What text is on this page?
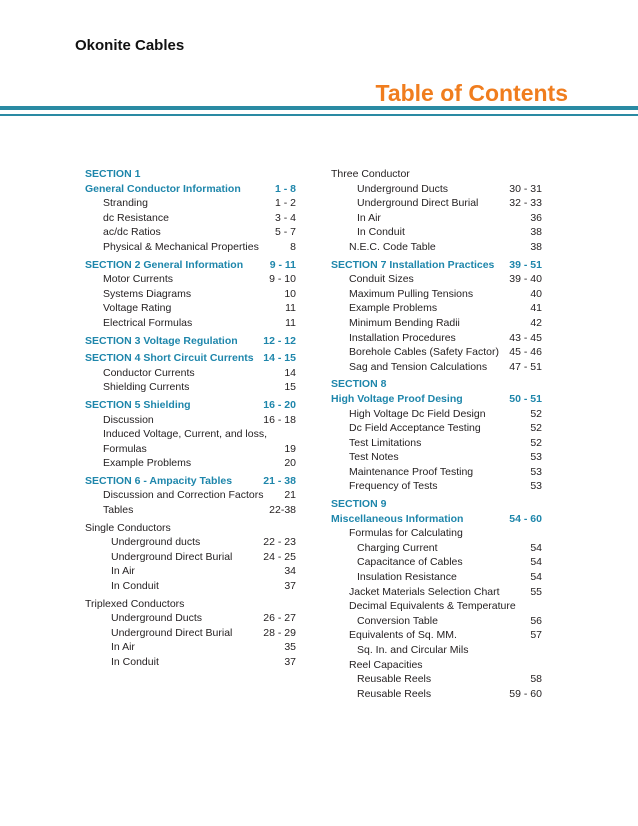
Okonite Cables
Table of Contents
SECTION 1
General Conductor Information	1 - 8
Stranding	1 - 2
dc Resistance	3 - 4
ac/dc Ratios	5 - 7
Physical & Mechanical Properties	8
SECTION 2 General Information	9 - 11
Motor Currents	9 - 10
Systems Diagrams	10
Voltage Rating	11
Electrical Formulas	11
SECTION 3 Voltage Regulation	12 - 12
SECTION 4 Short Circuit Currents 14 - 15
Conductor Currents	14
Shielding Currents	15
SECTION 5 Shielding	16 - 20
Discussion	16 - 18
Induced Voltage, Current, and loss,
Formulas	19
Example Problems	20
SECTION 6 - Ampacity Tables	21 - 38
Discussion and Correction Factors	21
Tables	22-38
Single Conductors
Underground ducts	22 - 23
Underground Direct Burial	24 - 25
In Air	34
In Conduit	37
Triplexed Conductors
Underground Ducts	26 - 27
Underground Direct Burial	28 - 29
In Air	35
In Conduit	37
Three Conductor
Underground Ducts	30 - 31
Underground Direct Burial	32 - 33
In Air	36
In Conduit	38
N.E.C. Code Table	38
SECTION 7 Installation Practices	39 - 51
Conduit Sizes	39 - 40
Maximum Pulling Tensions	40
Example Problems	41
Minimum Bending Radii	42
Installation Procedures	43 - 45
Borehole Cables (Safety Factor) 45 - 46
Sag and Tension Calculations	47 - 51
SECTION 8
High Voltage Proof Desing	50 - 51
High Voltage Dc Field Design	52
Dc Field Acceptance Testing	52
Test Limitations	52
Test Notes	53
Maintenance Proof Testing	53
Frequency of Tests	53
SECTION 9
Miscellaneous Information	54 - 60
Formulas for Calculating
Charging Current	54
Capacitance of Cables	54
Insulation Resistance	54
Jacket Materials Selection Chart	55
Decimal Equivalents & Temperature
Conversion Table	56
Equivalents of Sq. MM.	57
Sq. In. and Circular Mils
Reel Capacities
Reusable Reels	58
Reusable Reels	59 - 60
